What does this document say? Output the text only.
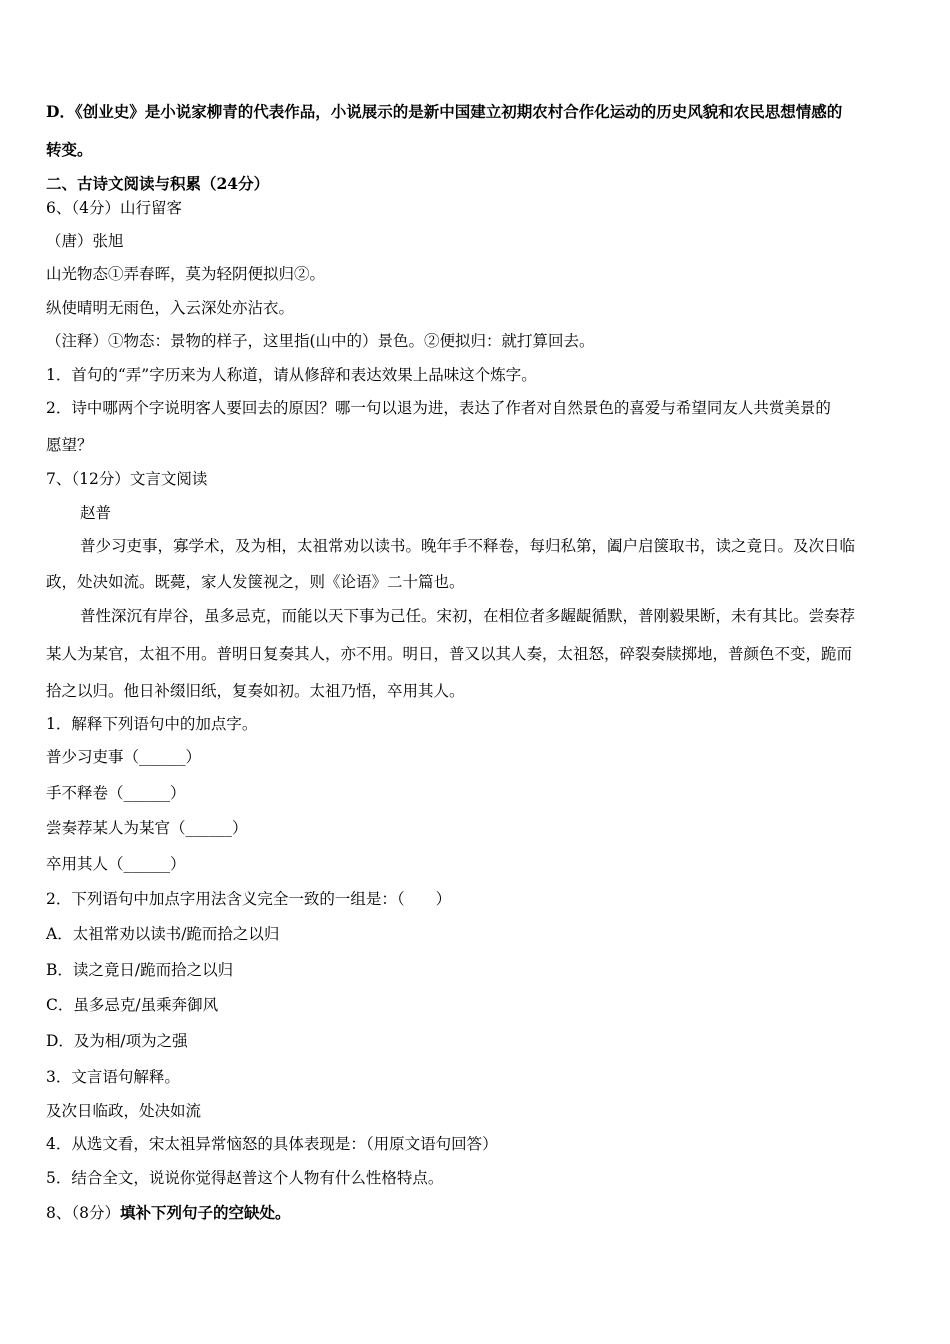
D．《创业史》是小说家柳青的代表作品，小说展示的是新中国建立初期农村合作化运动的历史风貌和农民思想情感的
转变。
二、古诗文阅读与积累（24分）
6、（4分）山行留客
（唐）张旭
山光物态①弄春晖，莫为轻阴便拟归②。
纵使晴明无雨色，入云深处亦沾衣。
（注释）①物态：景物的样子，这里指(山中的）景色。②便拟归：就打算回去。
1．首句的“弄”字历来为人称道，请从修辞和表达效果上品味这个炼字。
2．诗中哪两个字说明客人要回去的原因？哪一句以退为进，表达了作者对自然景色的喜爱与希望同友人共赏美景的
愿望？
7、（12分）文言文阅读
赵普
普少习吏事，寡学术，及为相，太祖常劝以读书。晚年手不释卷，每归私第，阖户启箧取书，读之竟日。及次日临
政，处决如流。既薨，家人发箧视之，则《论语》二十篇也。
普性深沉有岸谷，虽多忌克，而能以天下事为己任。宋初，在相位者多龌龊循默，普刚毅果断，未有其比。尝奏荐
某人为某官，太祖不用。普明日复奏其人，亦不用。明日，普又以其人奏，太祖怒，碎裂奏牍掷地，普颜色不变，跪而
拾之以归。他日补缀旧纸，复奏如初。太祖乃悟，卒用其人。
1．解释下列语句中的加点字。
普少习吏事（______）
手不释卷（______）
尝奏荐某人为某官（______）
卒用其人（______）
2．下列语句中加点字用法含义完全一致的一组是：（　　）
A．太祖常劝以读书/跪而拾之以归
B．读之竟日/跪而拾之以归
C．虽多忌克/虽乘奔御风
D．及为相/项为之强
3．文言语句解释。
及次日临政，处决如流
4．从选文看，宋太祖异常恼怒的具体表现是：（用原文语句回答）
5．结合全文，说说你觉得赵普这个人物有什么性格特点。
8、（8分）填补下列句子的空缺处。
